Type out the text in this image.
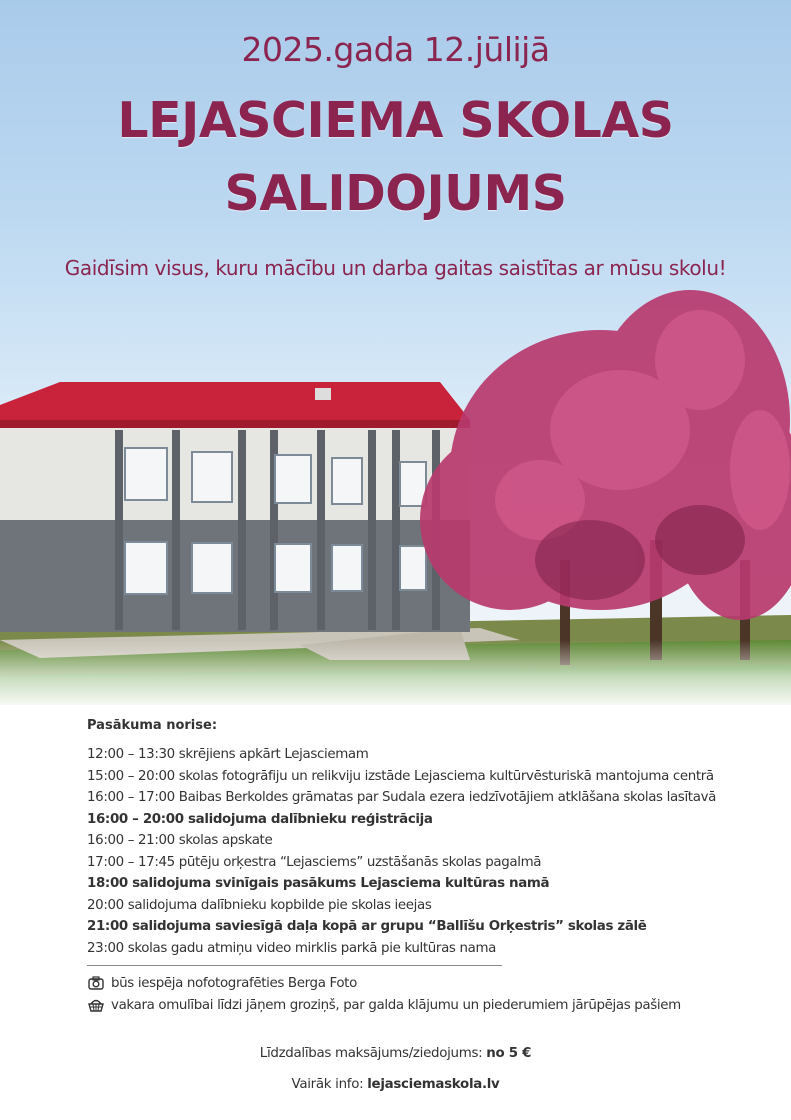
2025.gada 12.jūlijā
LEJASCIEMA SKOLAS
SALIDOJUMS
Gaidīsim visus, kuru mācību un darba gaitas saistītas ar mūsu skolu!
Pasākuma norise:
12:00 – 13:30 skrējiens apkārt Lejasciemam
15:00 – 20:00 skolas fotogrāfiju un relikviju izstāde Lejasciema kultūrvēsturiskā mantojuma centrā
16:00 – 17:00 Baibas Berkoldes grāmatas par Sudala ezera iedzīvotājiem atklāšana skolas lasītavā
16:00 – 20:00 salidojuma dalībnieku reģistrācija
16:00 – 21:00 skolas apskate
17:00 – 17:45 pūtēju orķestra “Lejasciems” uzstāšanās skolas pagalmā
18:00 salidojuma svinīgais pasākums Lejasciema kultūras namā
20:00 salidojuma dalībnieku kopbilde pie skolas ieejas
21:00 salidojuma saviesīgā daļa kopā ar grupu “Ballīšu Orķestris” skolas zālē
23:00 skolas gadu atmiņu video mirklis parkā pie kultūras nama
būs iespēja nofotografēties Berga Foto
vakara omulībai līdzi jāņem groziņš, par galda klājumu un piederumiem jārūpējas pašiem
Līdzdalības maksājums/ziedojums: no 5 €
Vairāk info: lejasciemaskola.lv
